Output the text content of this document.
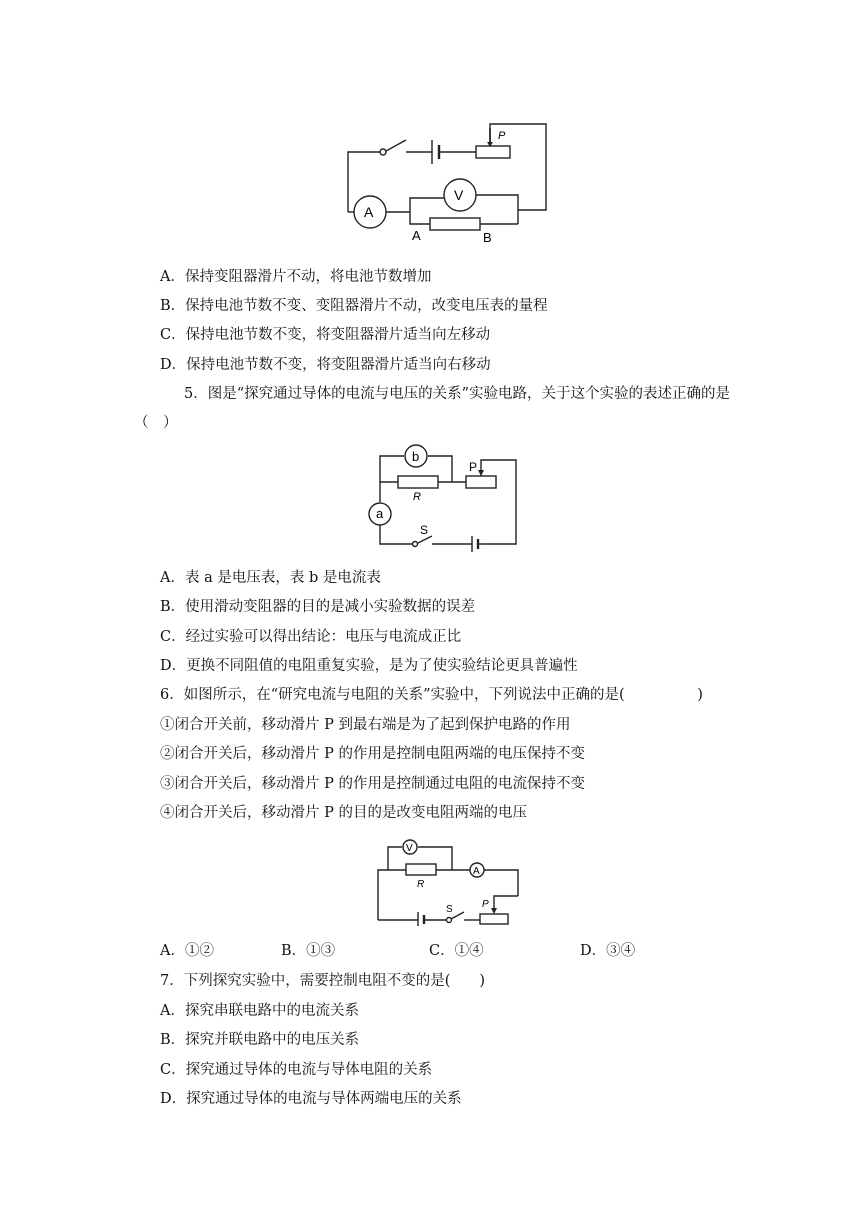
P
V
A
A	B
A．保持变阻器滑片不动，将电池节数增加
B．保持电池节数不变、变阻器滑片不动，改变电压表的量程
C．保持电池节数不变，将变阻器滑片适当向左移动
D．保持电池节数不变，将变阻器滑片适当向右移动
5．图是“探究通过导体的电流与电压的关系”实验电路，关于这个实验的表述正确的是
（　）
b
P
R
a
S
A．表 a 是电压表，表 b 是电流表
B．使用滑动变阻器的目的是减小实验数据的误差
C．经过实验可以得出结论：电压与电流成正比
D．更换不同阻值的电阻重复实验，是为了使实验结论更具普遍性
6．如图所示，在“研究电流与电阻的关系”实验中，下列说法中正确的是(　　　　　)
①闭合开关前，移动滑片 P 到最右端是为了起到保护电路的作用
②闭合开关后，移动滑片 P 的作用是控制电阻两端的电压保持不变
③闭合开关后，移动滑片 P 的作用是控制通过电阻的电流保持不变
④闭合开关后，移动滑片 P 的目的是改变电阻两端的电压
V
R
A
S	P
A．①②	B．①③	C．①④	D．③④
7．下列探究实验中，需要控制电阻不变的是(　　)
A．探究串联电路中的电流关系
B．探究并联电路中的电压关系
C．探究通过导体的电流与导体电阻的关系
D．探究通过导体的电流与导体两端电压的关系
